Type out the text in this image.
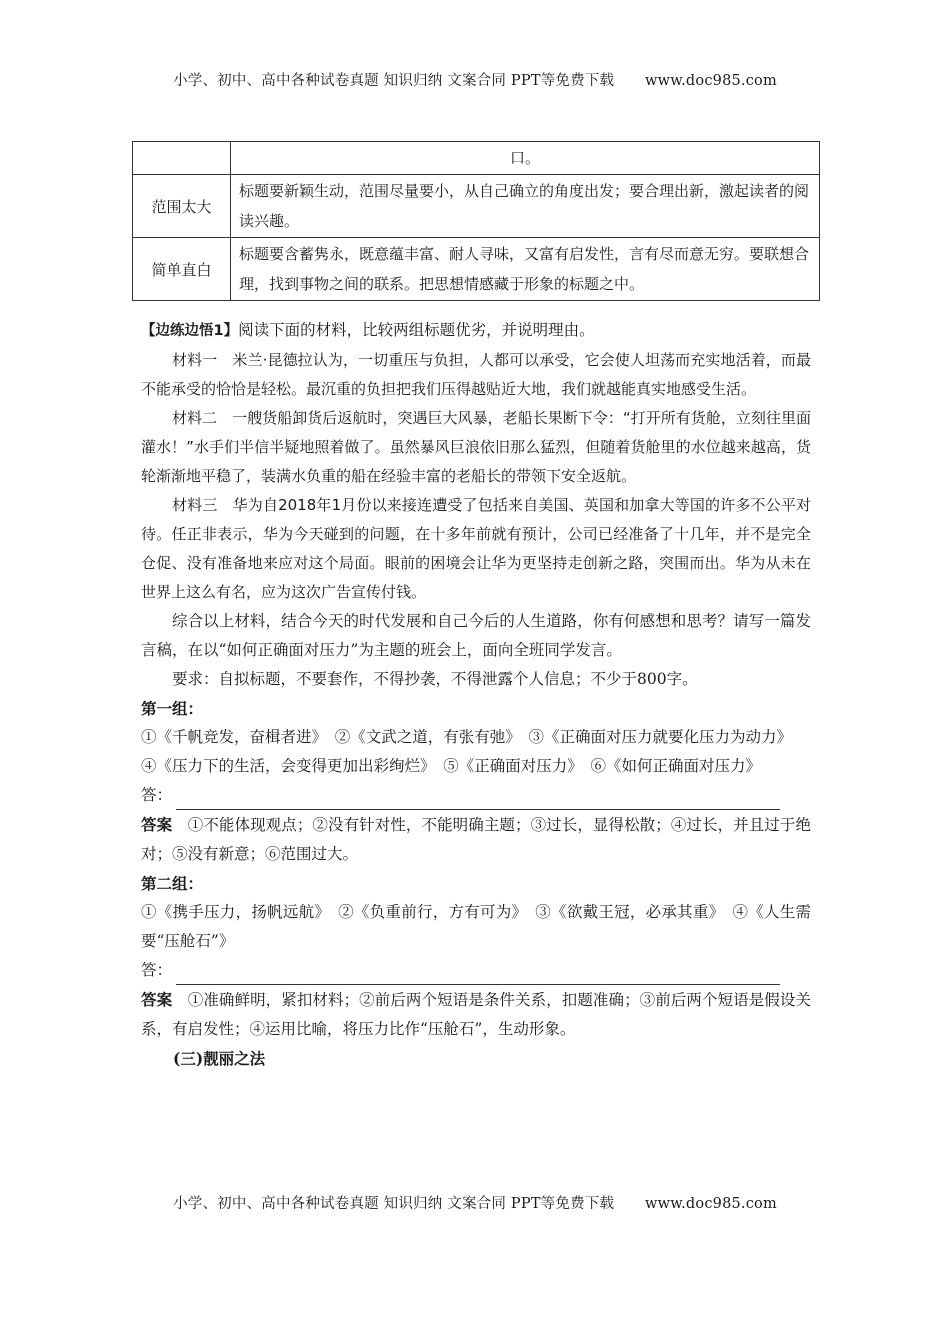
小学、初中、高中各种试卷真题 知识归纳 文案合同 PPT等免费下载 www.doc985.com
	口。
范围太大	标题要新颖生动，范围尽量要小，从自己确立的角度出发；要合理出新，激起读者的阅读兴趣。
简单直白	标题要含蓄隽永，既意蕴丰富、耐人寻味，又富有启发性，言有尽而意无穷。要联想合理，找到事物之间的联系。把思想情感藏于形象的标题之中。

【边练边悟1】阅读下面的材料，比较两组标题优劣，并说明理由。

材料一　米兰·昆德拉认为，一切重压与负担，人都可以承受，它会使人坦荡而充实地活着，而最不能承受的恰恰是轻松。最沉重的负担把我们压得越贴近大地，我们就越能真实地感受生活。

材料二　一艘货船卸货后返航时，突遇巨大风暴，老船长果断下令：“打开所有货舱，立刻往里面灌水！”水手们半信半疑地照着做了。虽然暴风巨浪依旧那么猛烈，但随着货舱里的水位越来越高，货轮渐渐地平稳了，装满水负重的船在经验丰富的老船长的带领下安全返航。

材料三　华为自2018年1月份以来接连遭受了包括来自美国、英国和加拿大等国的许多不公平对待。任正非表示，华为今天碰到的问题，在十多年前就有预计，公司已经准备了十几年，并不是完全仓促、没有准备地来应对这个局面。眼前的困境会让华为更坚持走创新之路，突围而出。华为从未在世界上这么有名，应为这次广告宣传付钱。

综合以上材料，结合今天的时代发展和自己今后的人生道路，你有何感想和思考？请写一篇发言稿，在以“如何正确面对压力”为主题的班会上，面向全班同学发言。

要求：自拟标题，不要套作，不得抄袭，不得泄露个人信息；不少于800字。

第一组：

①《千帆竞发，奋楫者进》　②《文武之道，有张有弛》　③《正确面对压力就要化压力为动力》

④《压力下的生活，会变得更加出彩绚烂》　⑤《正确面对压力》　⑥《如何正确面对压力》

答：

答案　 ①不能体现观点；②没有针对性，不能明确主题；③过长，显得松散；④过长，并且过于绝对；⑤没有新意；⑥范围过大。

第二组：

①《携手压力，扬帆远航》　②《负重前行，方有可为》　③《欲戴王冠，必承其重》　④《人生需要“压舱石”》

答：

答案　 ①准确鲜明，紧扣材料；②前后两个短语是条件关系，扣题准确；③前后两个短语是假设关系，有启发性；④运用比喻，将压力比作“压舱石”，生动形象。

(三)靓丽之法

小学、初中、高中各种试卷真题 知识归纳 文案合同 PPT等免费下载 www.doc985.com
